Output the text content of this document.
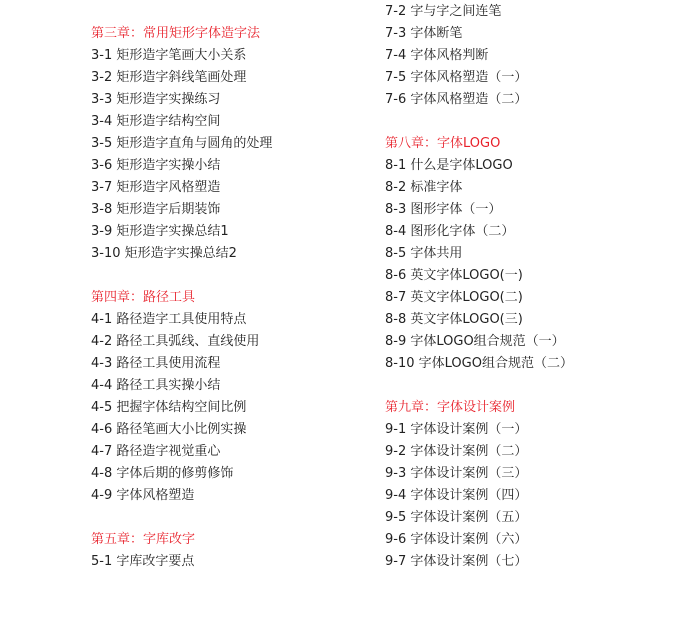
第三章：常用矩形字体造字法
3-1 矩形造字笔画大小关系
3-2 矩形造字斜线笔画处理
3-3 矩形造字实操练习
3-4 矩形造字结构空间
3-5 矩形造字直角与圆角的处理
3-6 矩形造字实操小结
3-7 矩形造字风格塑造
3-8 矩形造字后期装饰
3-9 矩形造字实操总结1
3-10 矩形造字实操总结2
第四章：路径工具
4-1 路径造字工具使用特点
4-2 路径工具弧线、直线使用
4-3 路径工具使用流程
4-4 路径工具实操小结
4-5 把握字体结构空间比例
4-6 路径笔画大小比例实操
4-7 路径造字视觉重心
4-8 字体后期的修剪修饰
4-9 字体风格塑造
第五章：字库改字
5-1 字库改字要点
7-2 字与字之间连笔
7-3 字体断笔
7-4 字体风格判断
7-5 字体风格塑造（一）
7-6 字体风格塑造（二）
第八章：字体LOGO
8-1 什么是字体LOGO
8-2 标准字体
8-3 图形字体（一）
8-4 图形化字体（二）
8-5 字体共用
8-6 英文字体LOGO(一)
8-7 英文字体LOGO(二)
8-8 英文字体LOGO(三)
8-9 字体LOGO组合规范（一）
8-10 字体LOGO组合规范（二）
第九章：字体设计案例
9-1 字体设计案例（一）
9-2 字体设计案例（二）
9-3 字体设计案例（三）
9-4 字体设计案例（四）
9-5 字体设计案例（五）
9-6 字体设计案例（六）
9-7 字体设计案例（七）
